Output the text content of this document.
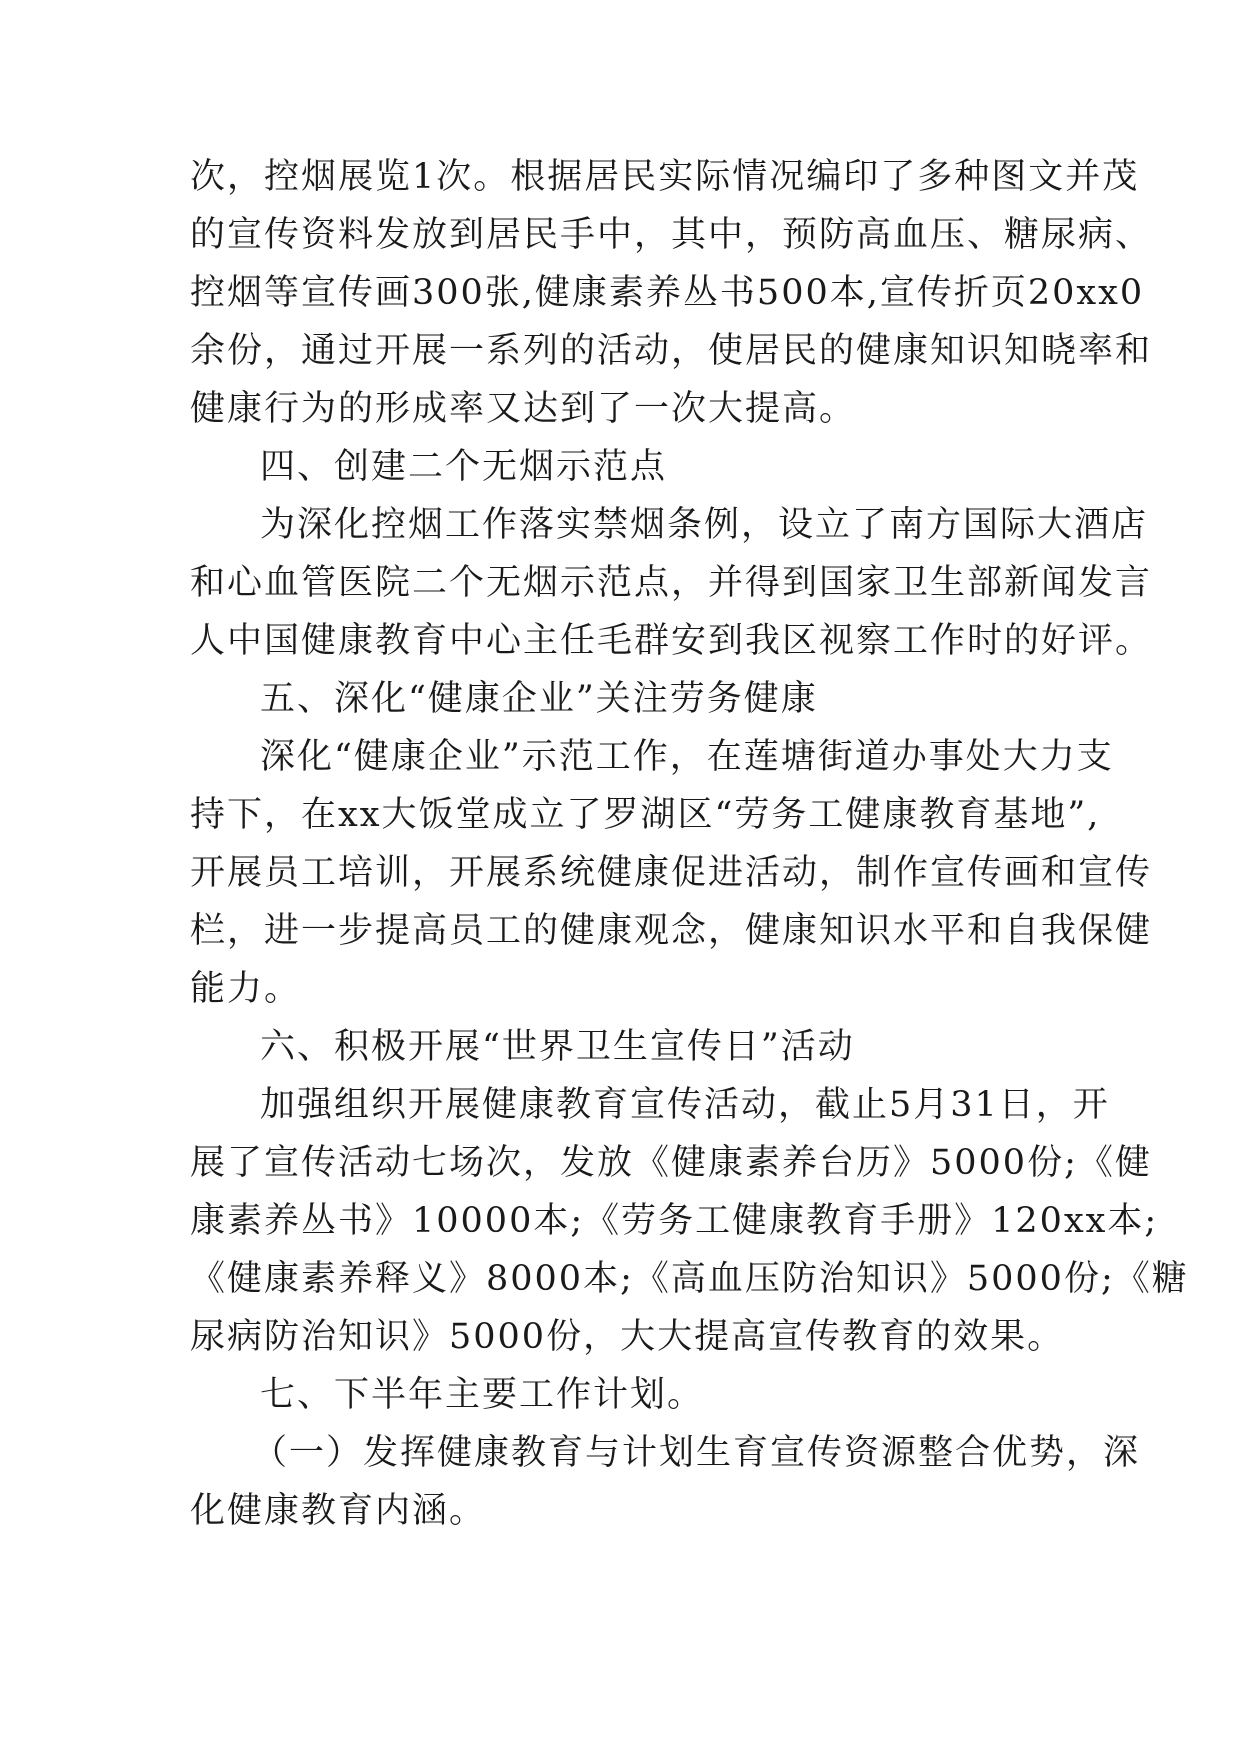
次，控烟展览1次。根据居民实际情况编印了多种图文并茂

的宣传资料发放到居民手中，其中，预防高血压、糖尿病、

控烟等宣传画300张,健康素养丛书500本,宣传折页20xx0

余份，通过开展一系列的活动，使居民的健康知识知晓率和

健康行为的形成率又达到了一次大提高。

四、创建二个无烟示范点

为深化控烟工作落实禁烟条例，设立了南方国际大酒店

和心血管医院二个无烟示范点，并得到国家卫生部新闻发言

人中国健康教育中心主任毛群安到我区视察工作时的好评。

五、深化“健康企业”关注劳务健康

深化“健康企业”示范工作，在莲塘街道办事处大力支

持下，在xx大饭堂成立了罗湖区“劳务工健康教育基地”,

开展员工培训，开展系统健康促进活动，制作宣传画和宣传

栏，进一步提高员工的健康观念，健康知识水平和自我保健

能力。

六、积极开展“世界卫生宣传日”活动

加强组织开展健康教育宣传活动，截止5月31日，开

展了宣传活动七场次，发放《健康素养台历》5000份;《健

康素养丛书》10000本;《劳务工健康教育手册》120xx本;

《健康素养释义》8000本;《高血压防治知识》5000份;《糖

尿病防治知识》5000份，大大提高宣传教育的效果。

七、下半年主要工作计划。

（一）发挥健康教育与计划生育宣传资源整合优势，深

化健康教育内涵。
